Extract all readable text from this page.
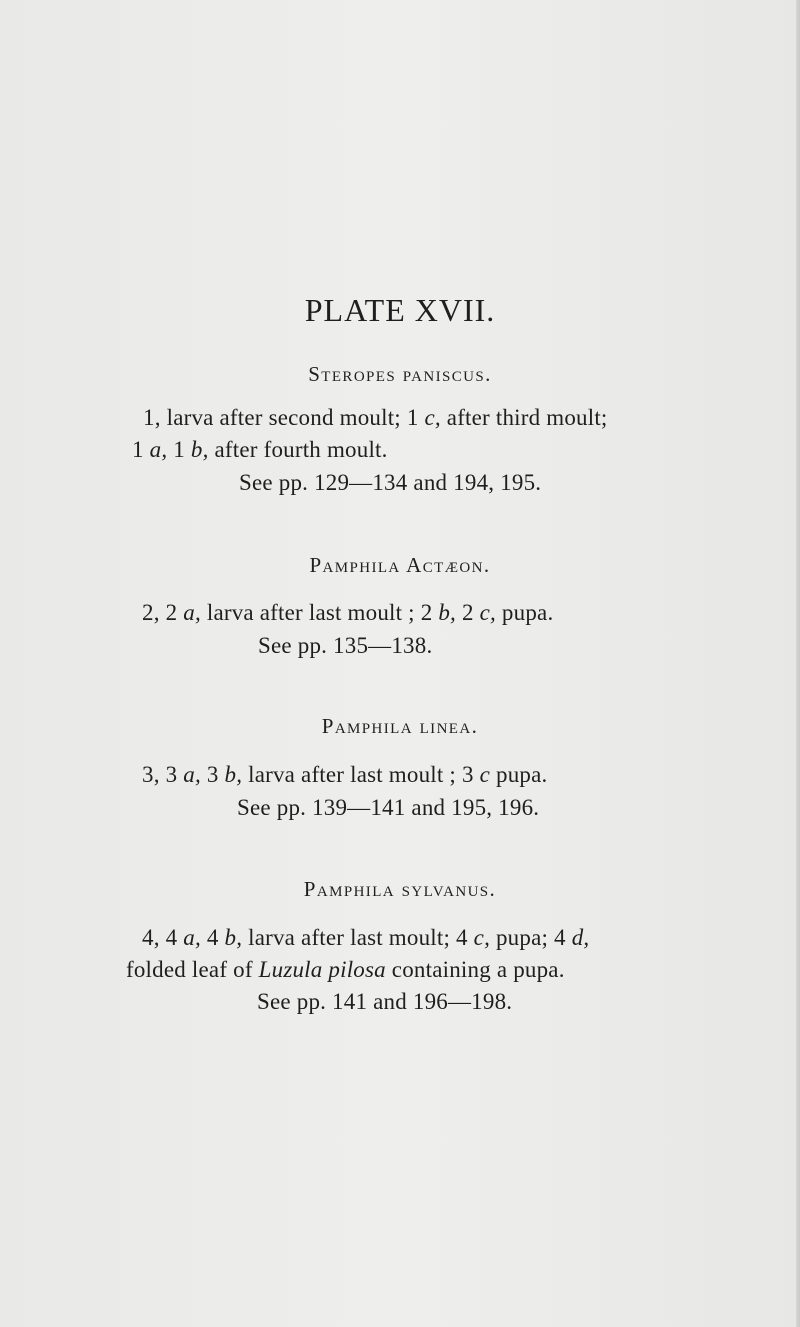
PLATE XVII.
Steropes paniscus.
1, larva after second moult; 1 c, after third moult;
1 a, 1 b, after fourth moult.
See pp. 129—134 and 194, 195.
Pamphila Actæon.
2, 2 a, larva after last moult ; 2 b, 2 c, pupa.
See pp. 135—138.
Pamphila linea.
3, 3 a, 3 b, larva after last moult ; 3 c pupa.
See pp. 139—141 and 195, 196.
Pamphila sylvanus.
4, 4 a, 4 b, larva after last moult; 4 c, pupa; 4 d,
folded leaf of Luzula pilosa containing a pupa.
See pp. 141 and 196—198.
